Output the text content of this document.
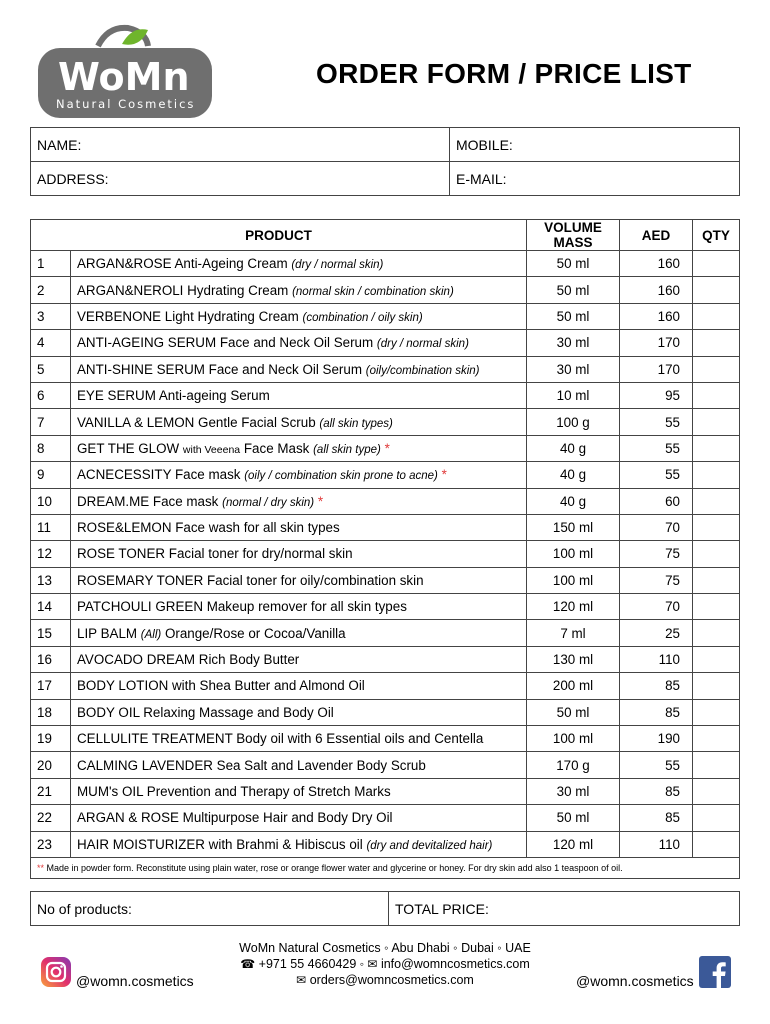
WoMn
Natural Cosmetics
ORDER FORM / PRICE LIST
NAME:	MOBILE:
ADDRESS:	E-MAIL:
PRODUCT		VOLUME MASS	AED	QTY
1	ARGAN&ROSE Anti-Ageing Cream (dry / normal skin)	50 ml	160	
2	ARGAN&NEROLI Hydrating Cream (normal skin / combination skin)	50 ml	160	
3	VERBENONE Light Hydrating Cream (combination / oily skin)	50 ml	160	
4	ANTI-AGEING SERUM Face and Neck Oil Serum (dry / normal skin)	30 ml	170	
5	ANTI-SHINE SERUM Face and Neck Oil Serum (oily/combination skin)	30 ml	170	
6	EYE SERUM Anti-ageing Serum	10 ml	95	
7	VANILLA & LEMON Gentle Facial Scrub (all skin types)	100 g	55	
8	GET THE GLOW with Veeena Face Mask (all skin type) *	40 g	55	
9	ACNECESSITY Face mask (oily / combination skin prone to acne) *	40 g	55	
10	DREAM.ME Face mask (normal / dry skin) *	40 g	60	
11	ROSE&LEMON Face wash for all skin types	150 ml	70	
12	ROSE TONER Facial toner for dry/normal skin	100 ml	75	
13	ROSEMARY TONER Facial toner for oily/combination skin	100 ml	75	
14	PATCHOULI GREEN Makeup remover for all skin types	120 ml	70	
15	LIP BALM (All) Orange/Rose or Cocoa/Vanilla	7 ml	25	
16	AVOCADO DREAM Rich Body Butter	130 ml	110	
17	BODY LOTION with Shea Butter and Almond Oil	200 ml	85	
18	BODY OIL Relaxing Massage and Body Oil	50 ml	85	
19	CELLULITE TREATMENT Body oil with 6 Essential oils and Centella	100 ml	190	
20	CALMING LAVENDER Sea Salt and Lavender Body Scrub	170 g	55	
21	MUM's OIL Prevention and Therapy of Stretch Marks	30 ml	85	
22	ARGAN & ROSE Multipurpose Hair and Body Dry Oil	50 ml	85	
23	HAIR MOISTURIZER with Brahmi & Hibiscus oil (dry and devitalized hair)	120 ml	110	
** Made in powder form. Reconstitute using plain water, rose or orange flower water and glycerine or honey. For dry skin add also 1 teaspoon of oil.				
No of products:	TOTAL PRICE:
WoMn Natural Cosmetics ◦ Abu Dhabi ◦ Dubai ◦ UAE
☎ +971 55 4660429 ◦ ✉ info@womncosmetics.com
✉ orders@womncosmetics.com
@womn.cosmetics	@womn.cosmetics
